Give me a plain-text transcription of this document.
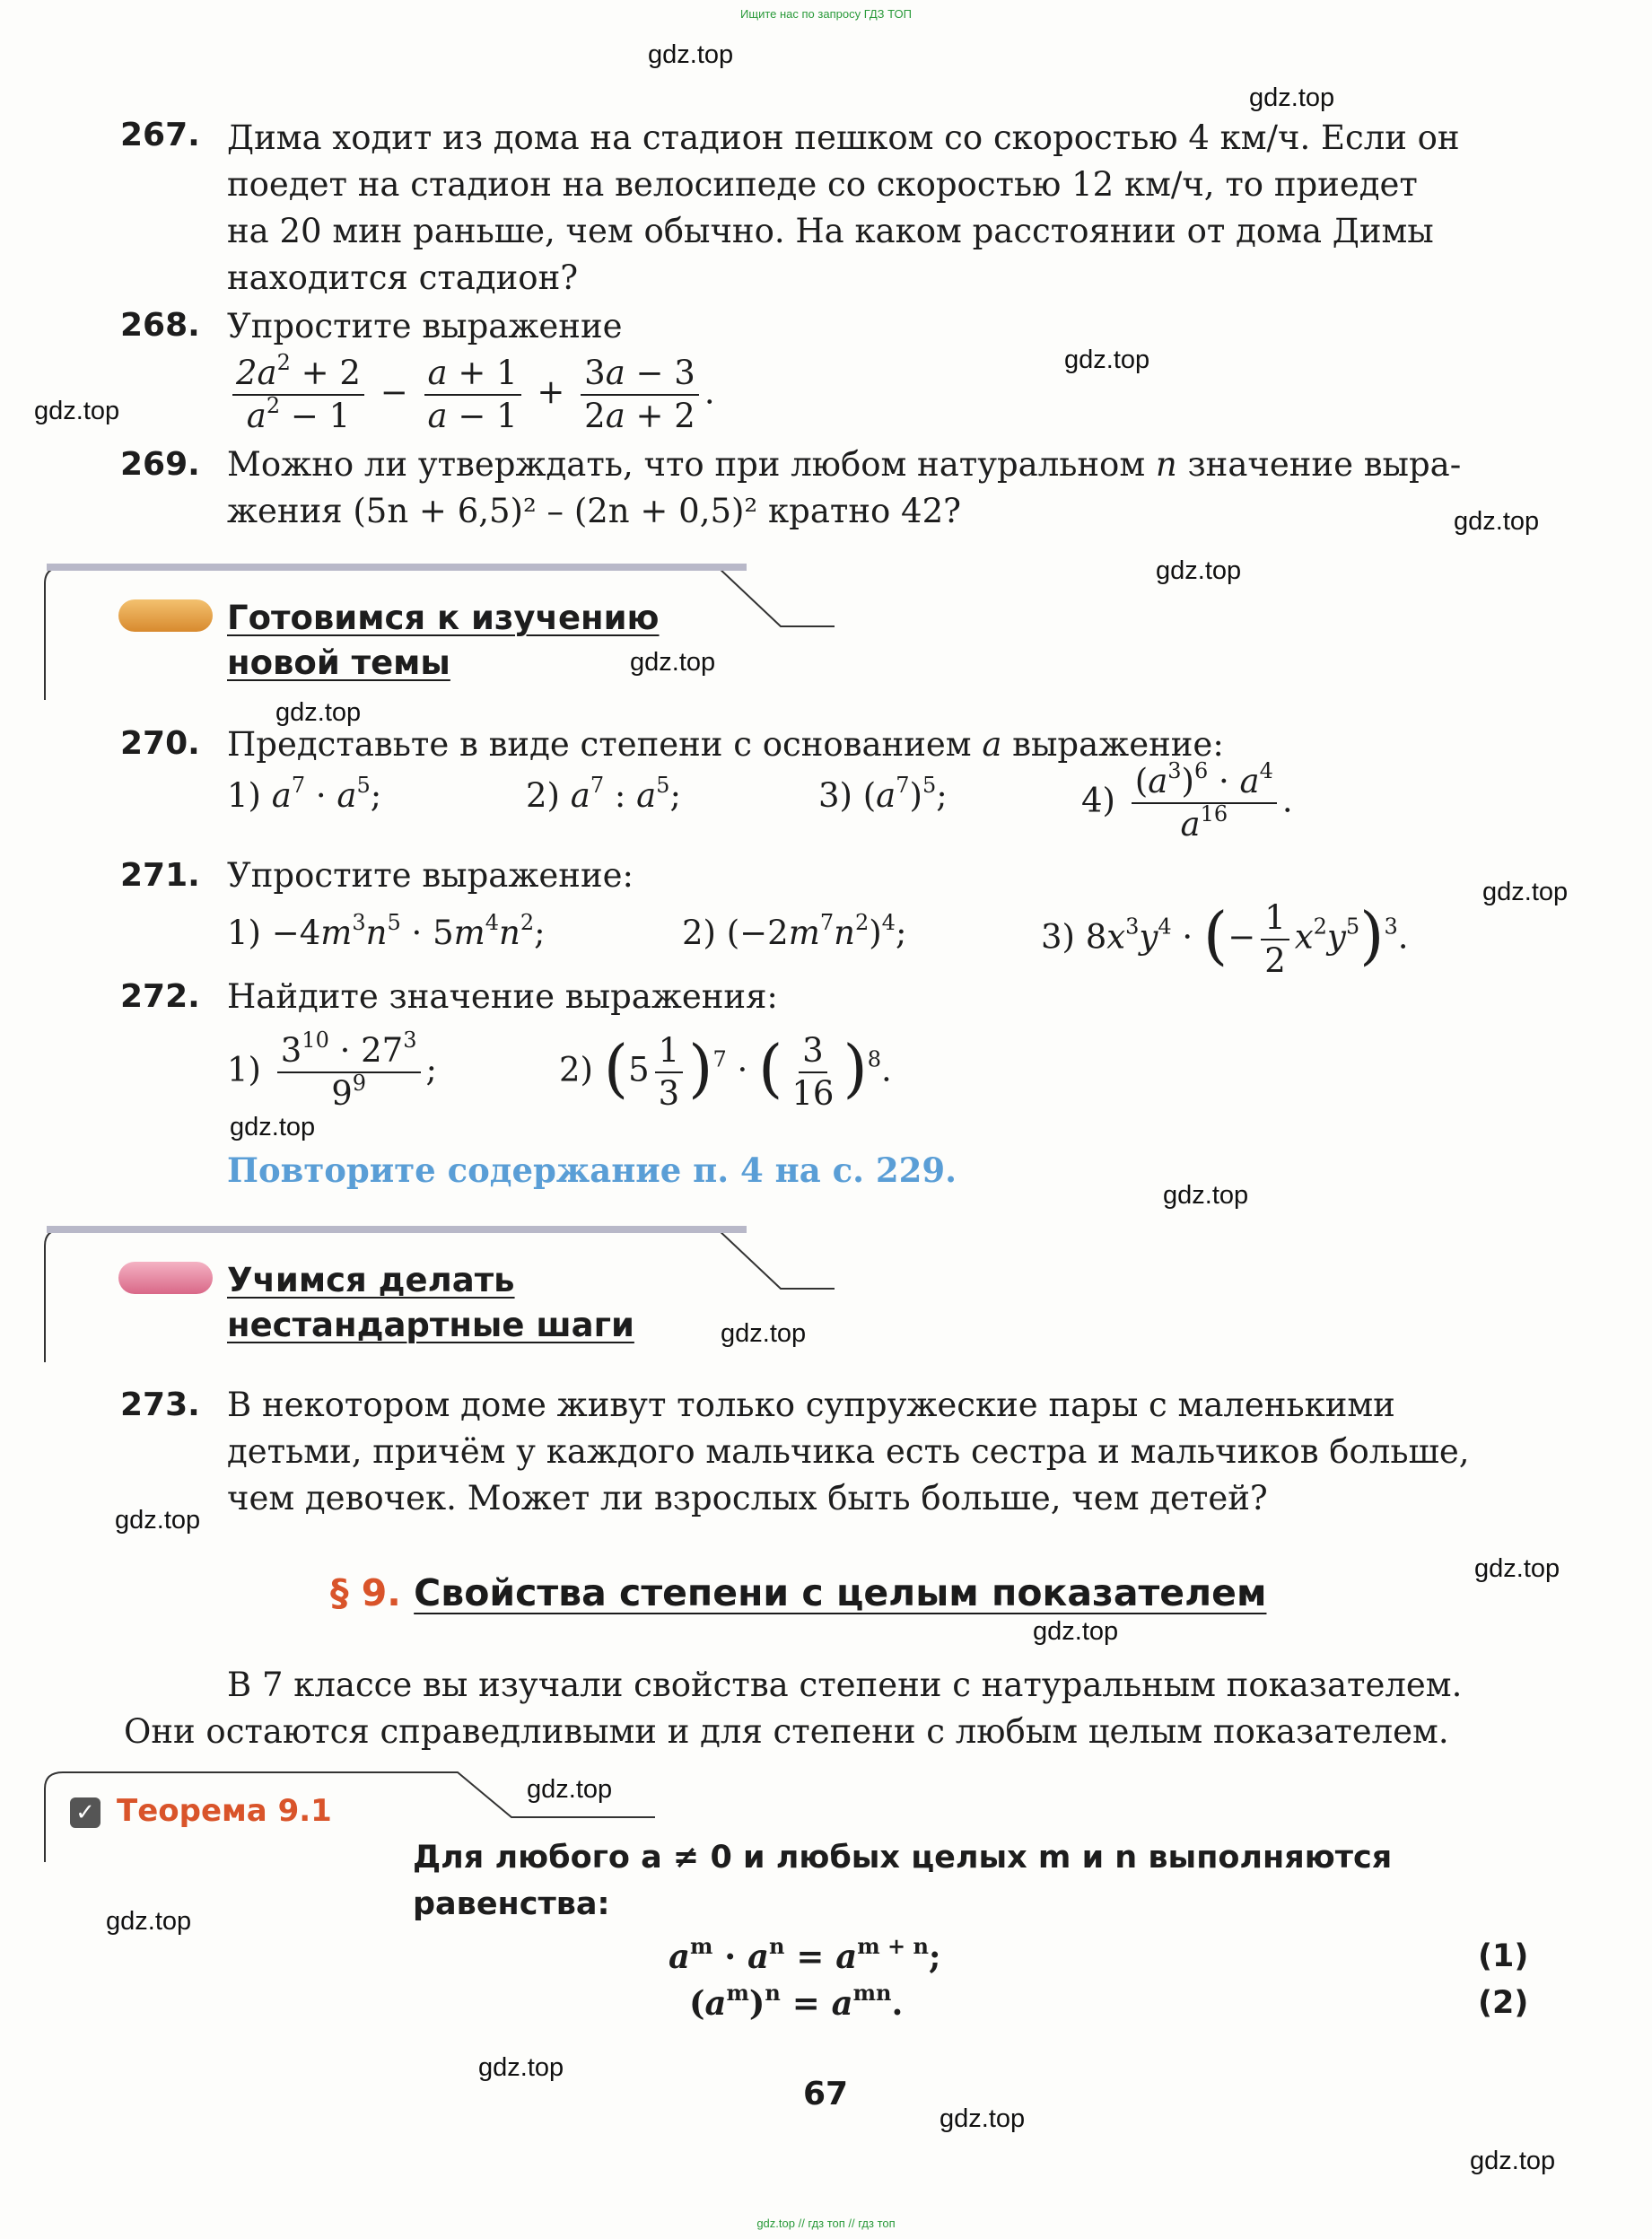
Ищите нас по запросу ГДЗ ТОП
gdz.top // гдз топ // гдз топ
gdz.top
gdz.top
gdz.top
gdz.top
gdz.top
gdz.top
gdz.top
gdz.top
gdz.top
gdz.top
gdz.top
gdz.top
gdz.top
gdz.top
gdz.top
gdz.top
gdz.top
gdz.top
gdz.top
gdz.top
267. Дима ходит из дома на стадион пешком со скоростью 4 км/ч. Если он
поедет на стадион на велосипеде со скоростью 12 км/ч, то приедет
на 20 мин раньше, чем обычно. На каком расстоянии от дома Димы
находится стадион?
268. Упростите выражение
$\frac{2a^2 + 2}{a^2 - 1} - \frac{a + 1}{a - 1} + \frac{3a - 3}{2a + 2}$ .
269. Можно ли утверждать, что при любом натуральном n значение выра-
жения (5n + 6,5)² – (2n + 0,5)² кратно 42?
Готовимся к изучению
новой темы
270. Представьте в виде степени с основанием a выражение:
1) $a^7 \cdot a^5$;	2) $a^7$ : $a^5$;	3) $(a^7)^5$;	$4) \frac{(a^3)^6 \cdot a^4}{a^{16}}$ .
271. Упростите выражение:
$1) -4m^3n^5 \cdot 5m^4n^2$;	2) $(-2m^7n^2)^4$;	3) $8x^3y^4$ · (− $\frac{1}{2} x^2y^5)^3$.
272. Найдите значение выражения:
$1) \frac{3^{10} \cdot 27^3}{9^9}$ ;	2) $(5 \frac{1}{3} )^7$ · ( $\frac{3}{16} )^8$.
Повторите содержание п. 4 на с. 229.
Учимся делать
нестандартные шаги
273. В некотором доме живут только супружеские пары с маленькими
детьми, причём у каждого мальчика есть сестра и мальчиков больше,
чем девочек. Может ли взрослых быть больше, чем детей?
§ 9. Свойства степени с целым показателем
В 7 классе вы изучали свойства степени с натуральным показателем.
Они остаются справедливыми и для степени с любым целым показателем.
✓ Теорема 9.1
Для любого a ≠ 0 и любых целых m и n выполняются
равенства:
$a^m \cdot a^n = a^{m + n}$;	(1)
$(a^m)^n = a^{mn}$.	(2)
67
